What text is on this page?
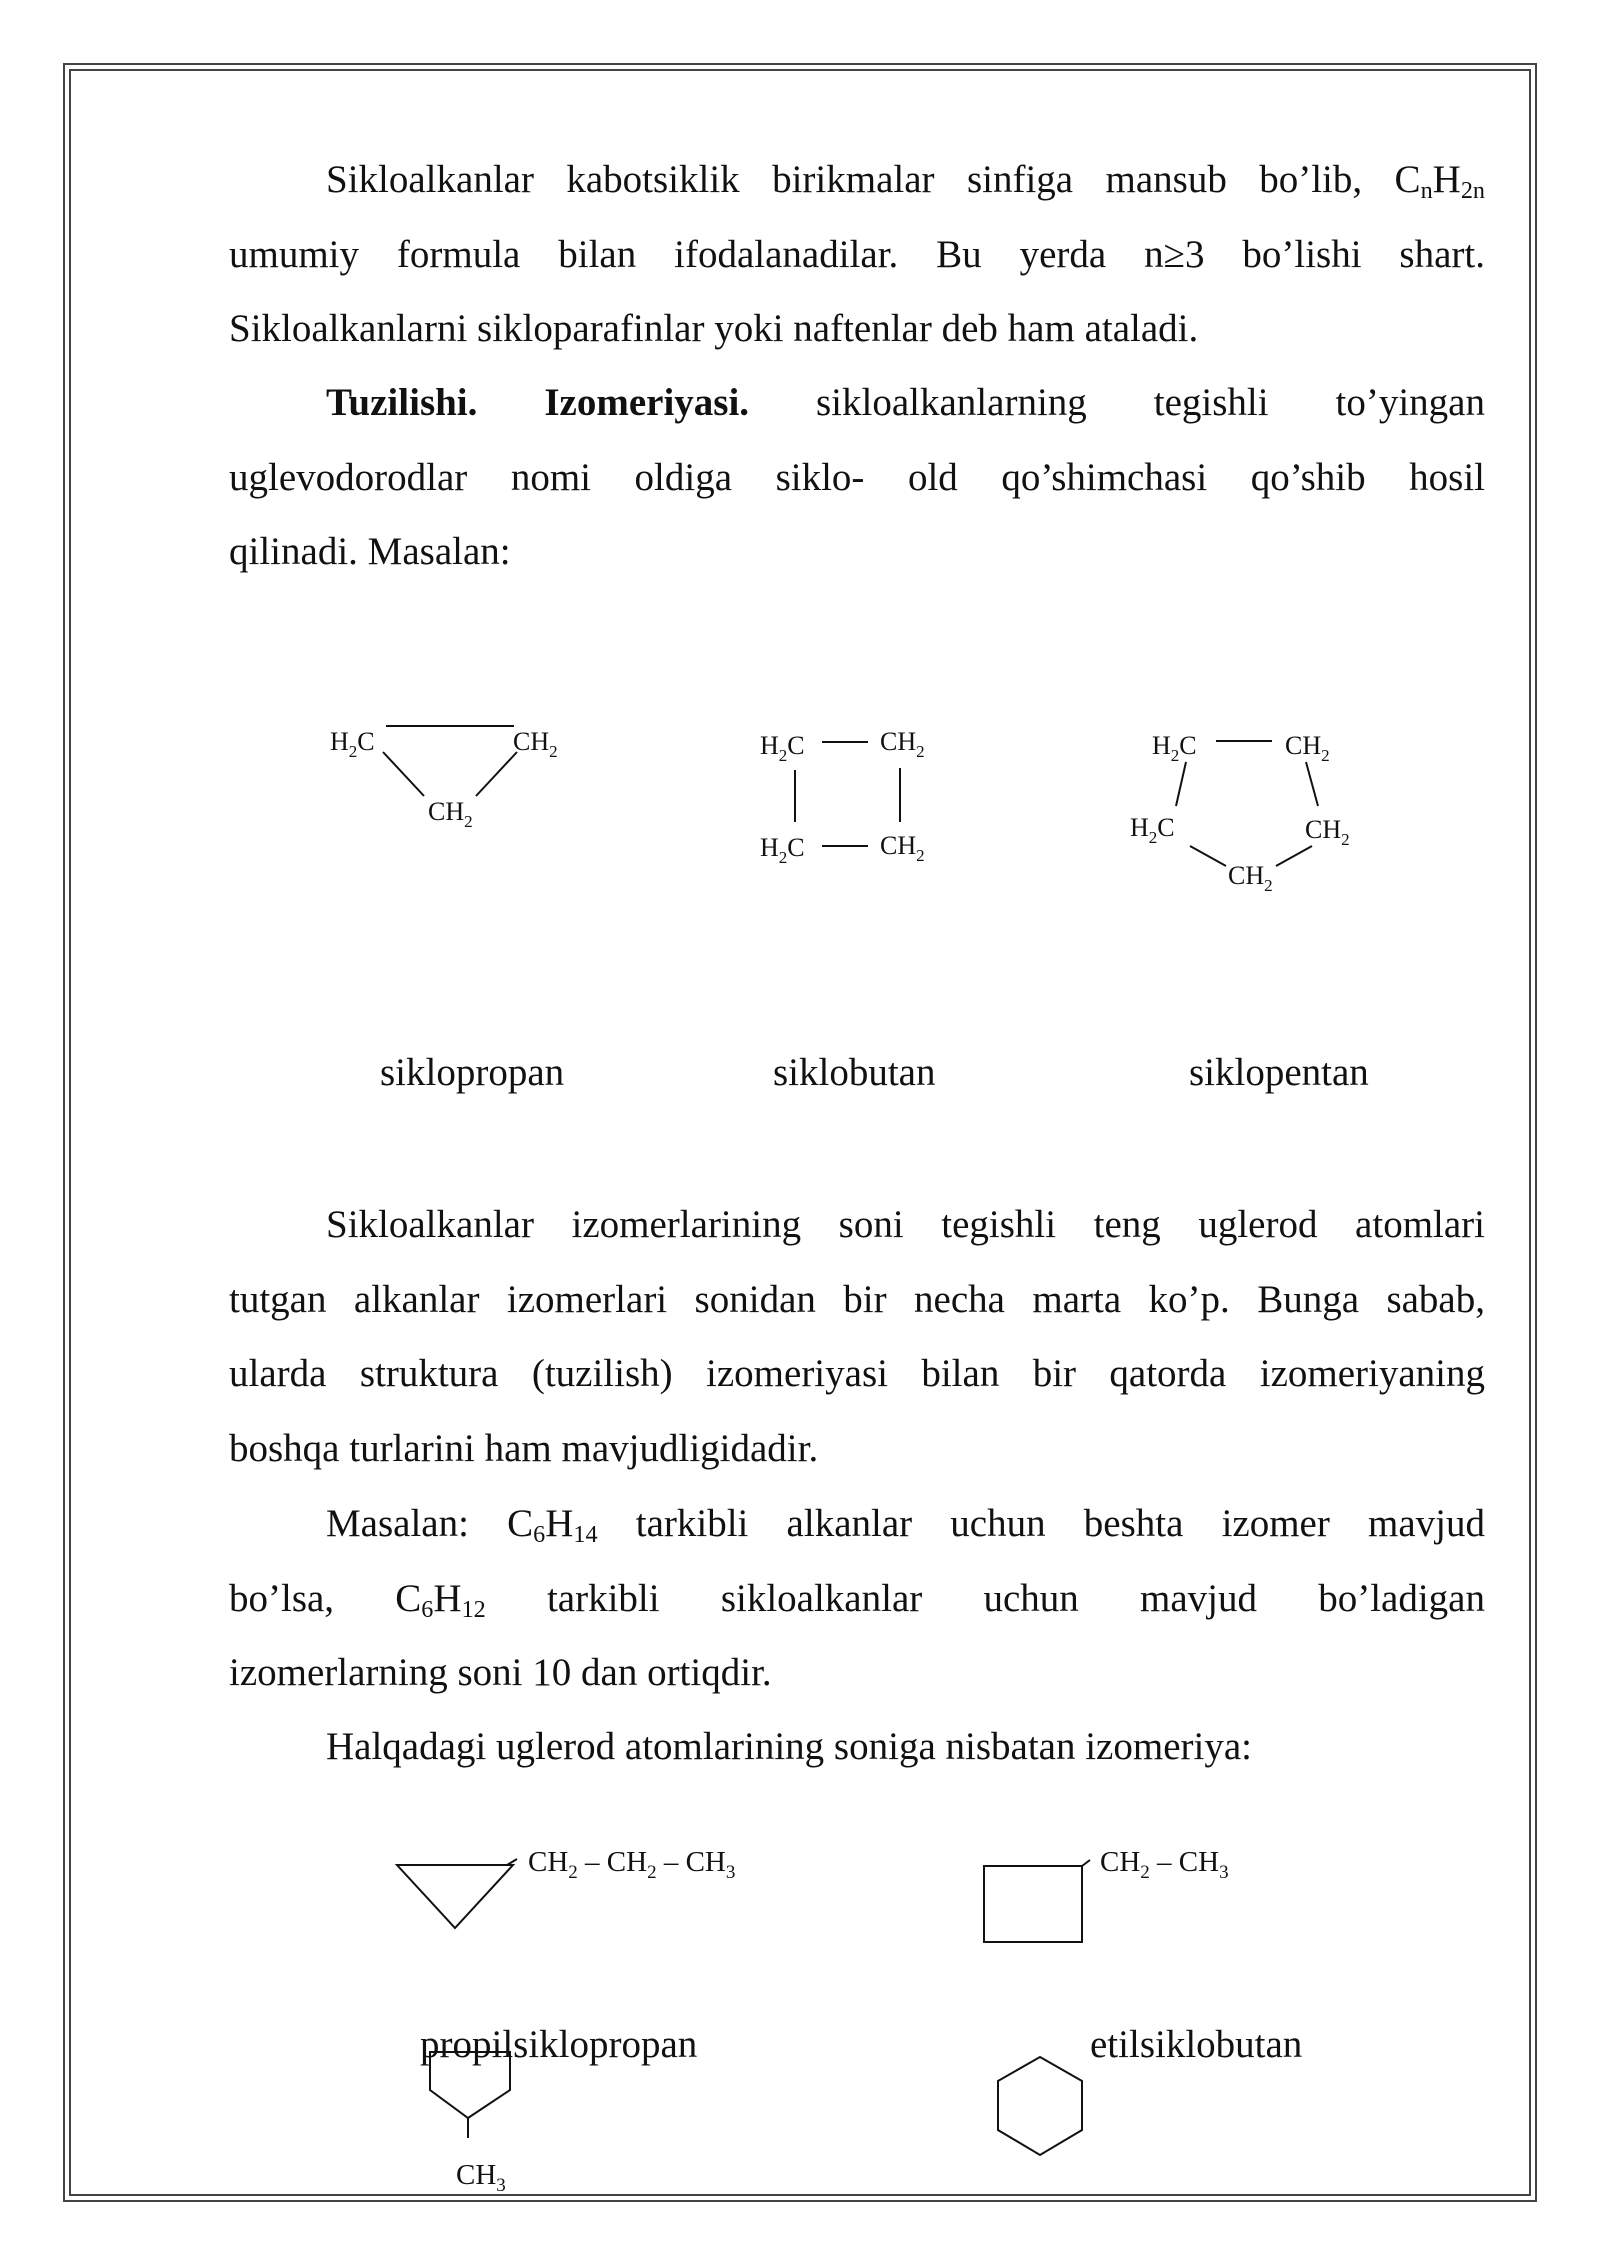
Sikloalkanlar kabotsiklik birikmalar sinfiga mansub bo’lib, $C_nH_{2n}$
umumiy formula bilan ifodalanadilar. Bu yerda n≥3 bo’lishi shart.
Sikloalkanlarni sikloparafinlar yoki naftenlar deb ham ataladi.
Tuzilishi. Izomeriyasi. sikloalkanlarning tegishli to’yingan
uglevodorodlar nomi oldiga siklo- old qo’shimchasi qo’shib hosil
qilinadi. Masalan:
$H_2C$	$CH_2$
$CH_2$
$H_2C$	$CH_2$
$H_2C$	$CH_2$
$H_2C$	$CH_2$
$H_2C$	$CH_2$
$CH_2$
$CH_2 - CH_2 - CH_3$	$CH_2 - CH_3$
$CH_3$
siklopropan	siklobutan	siklopentan
Sikloalkanlar izomerlarining soni tegishli teng uglerod atomlari
tutgan alkanlar izomerlari sonidan bir necha marta ko’p. Bunga sabab,
ularda struktura (tuzilish) izomeriyasi bilan bir qatorda izomeriyaning
boshqa turlarini ham mavjudligidadir.
Masalan: $C_6H_{14}$ tarkibli alkanlar uchun beshta izomer mavjud
bo’lsa, $C_6H_{12}$ tarkibli sikloalkanlar uchun mavjud bo’ladigan
izomerlarning soni 10 dan ortiqdir.
Halqadagi uglerod atomlarining soniga nisbatan izomeriya:
propilsiklopropan	etilsiklobutan
